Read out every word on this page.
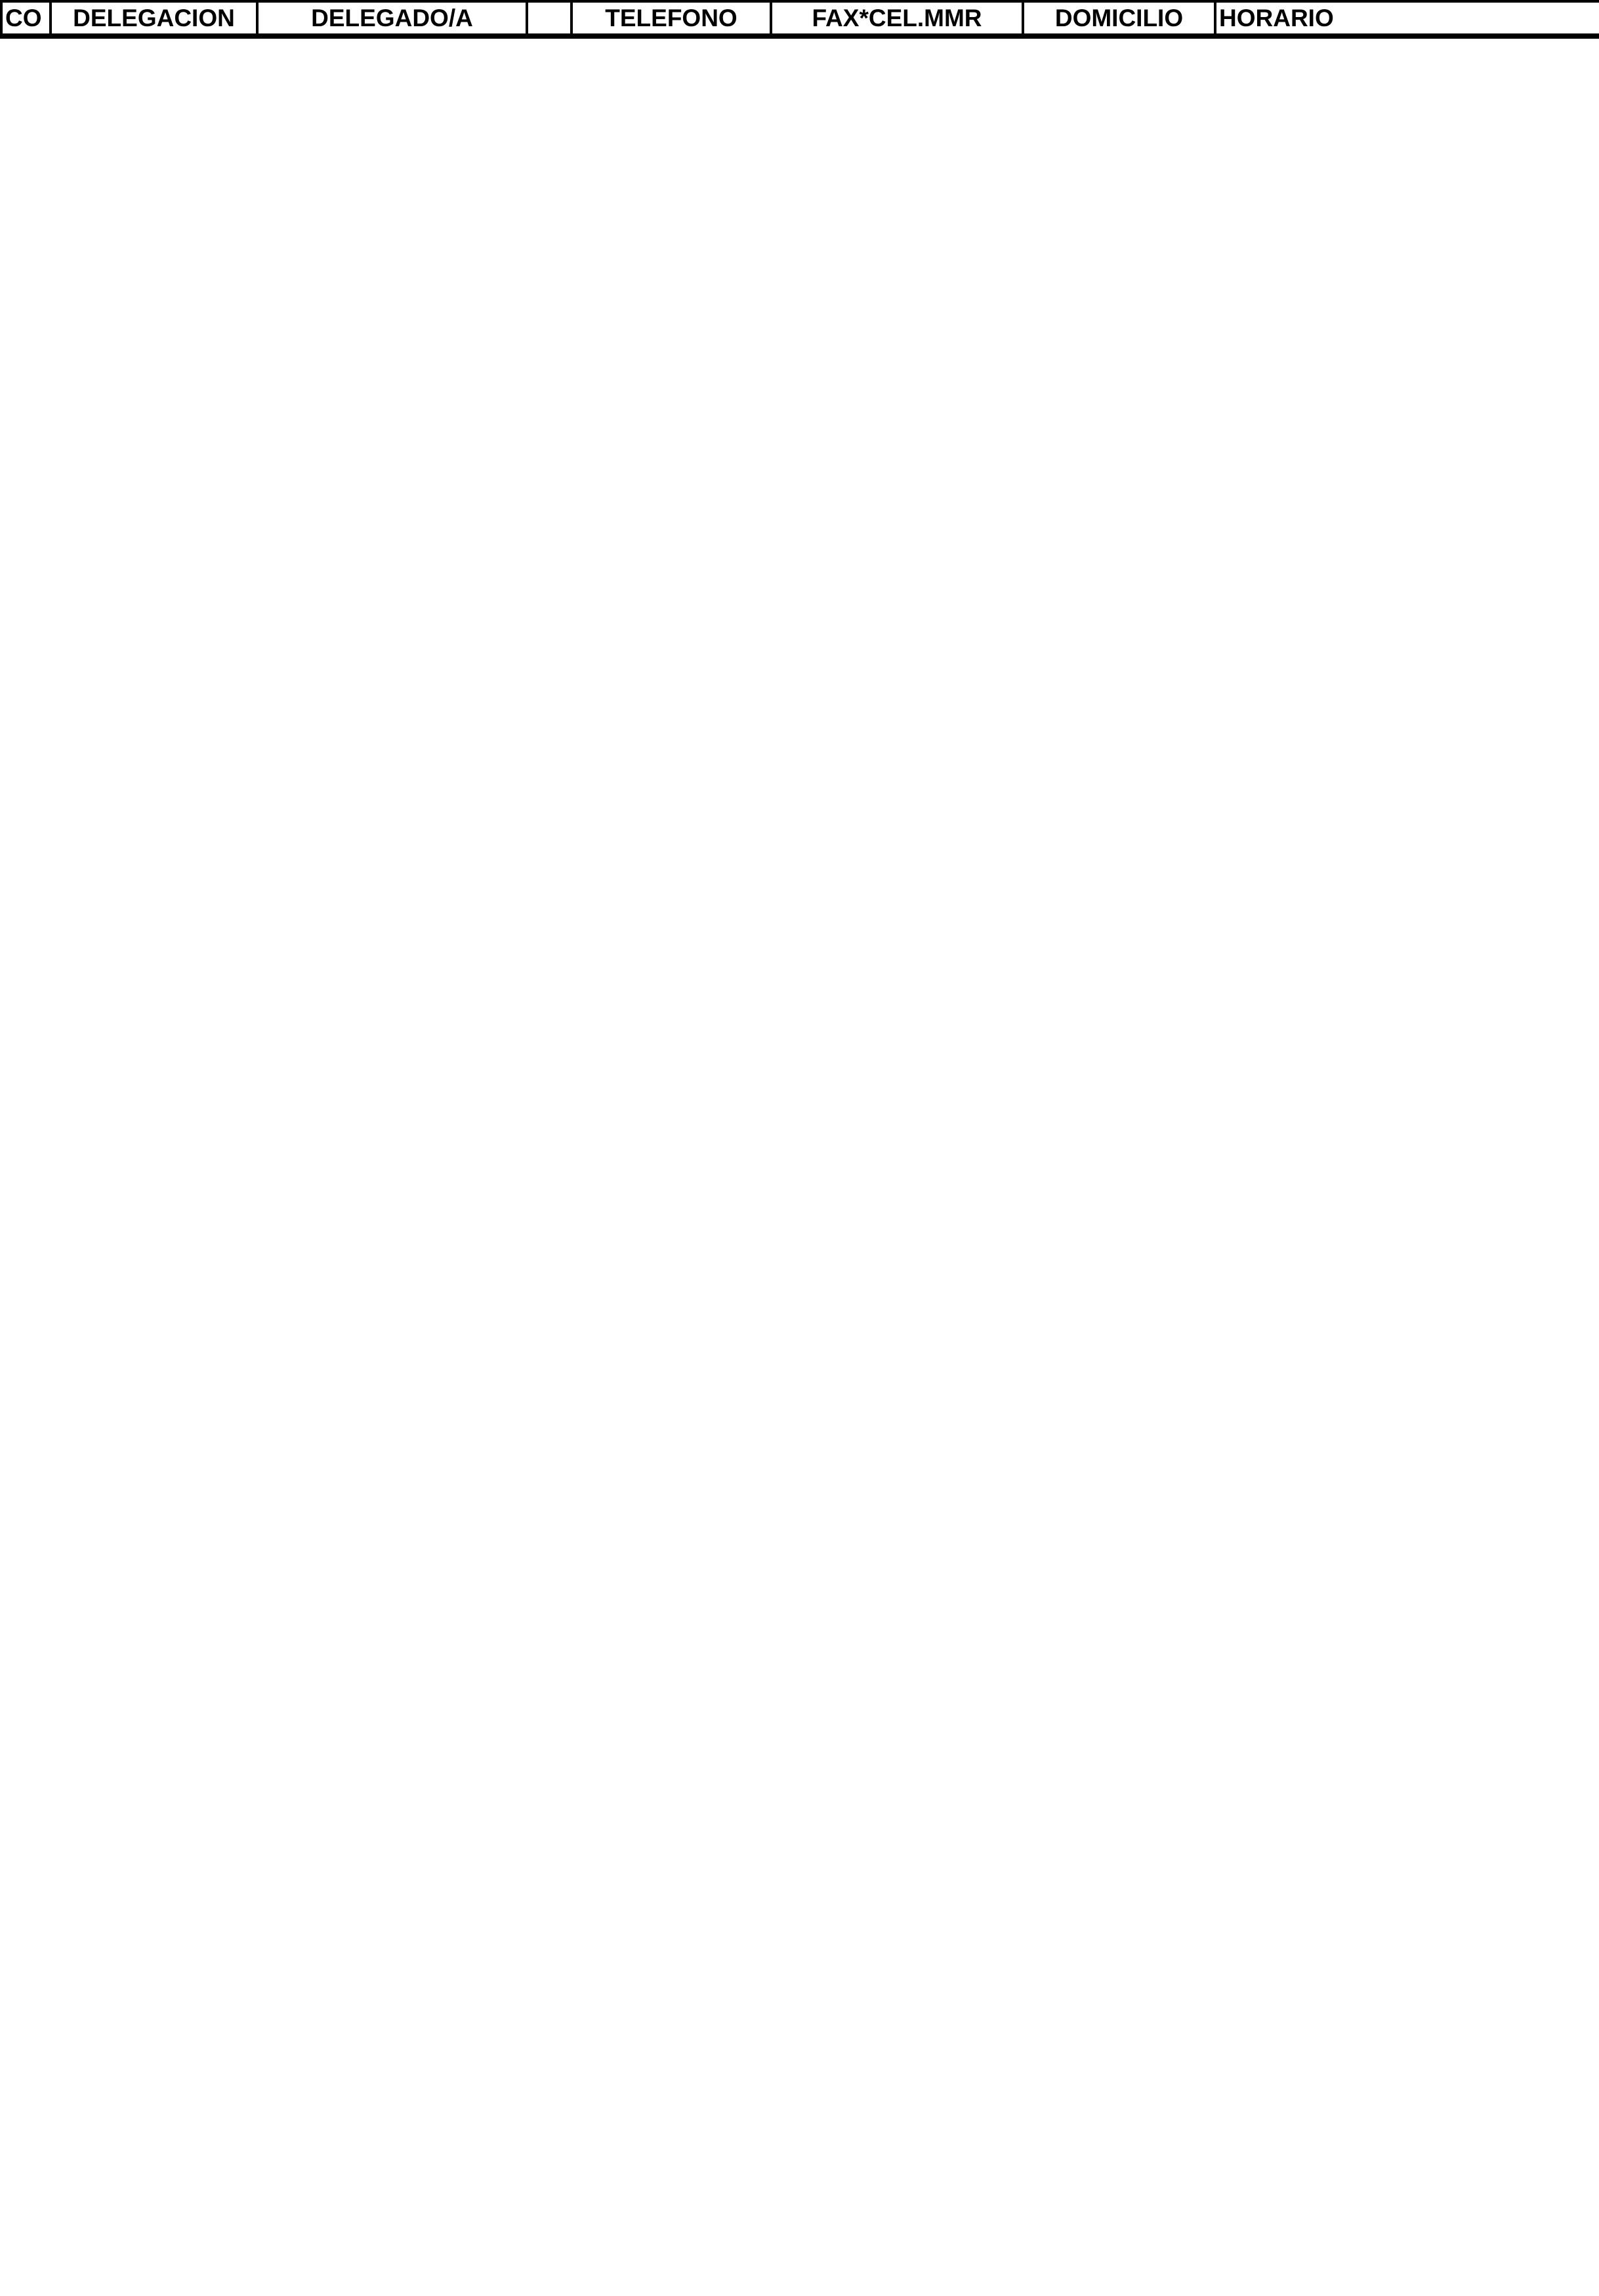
CO	DELEGACION	DELEGADO/A		TELEFONO	FAX*CEL.MMR	DOMICILIO	HORARIO
